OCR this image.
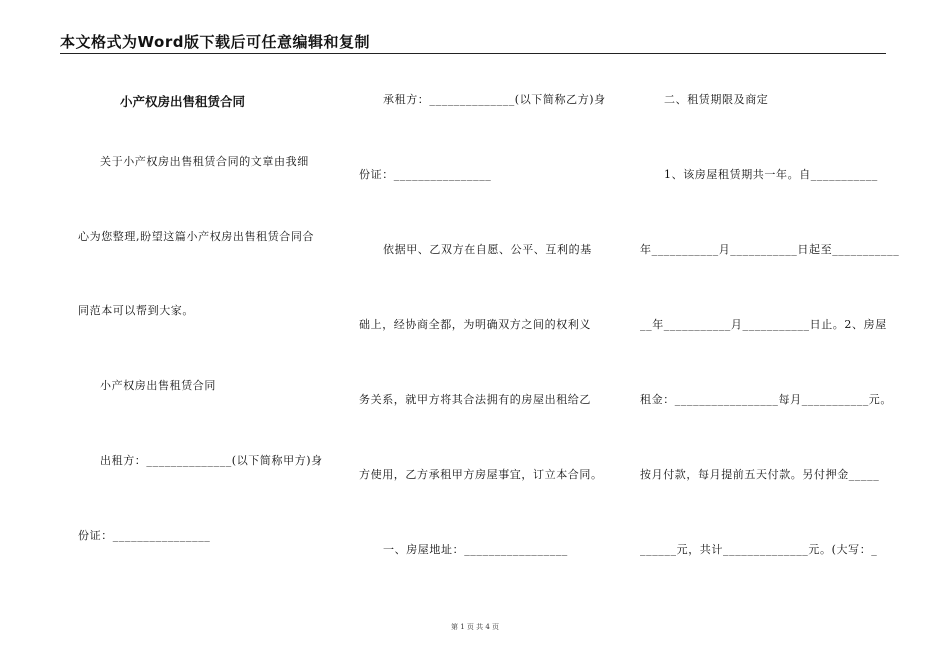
本文格式为Word版下载后可任意编辑和复制
小产权房出售租赁合同
关于小产权房出售租赁合同的文章由我细
心为您整理,盼望这篇小产权房出售租赁合同合
同范本可以帮到大家。
小产权房出售租赁合同
出租方：______________(以下简称甲方)身
份证：________________
承租方：______________(以下简称乙方)身
份证：________________
依据甲、乙双方在自愿、公平、互利的基
础上，经协商全都，为明确双方之间的权利义
务关系，就甲方将其合法拥有的房屋出租给乙
方使用，乙方承租甲方房屋事宜，订立本合同。
一、房屋地址：_________________
二、租赁期限及商定
1、该房屋租赁期共一年。自___________
年___________月___________日起至___________
__年___________月___________日止。2、房屋
租金：_________________每月___________元。
按月付款，每月提前五天付款。另付押金_____
______元，共计______________元。(大写：_
第 1 页 共 4 页
